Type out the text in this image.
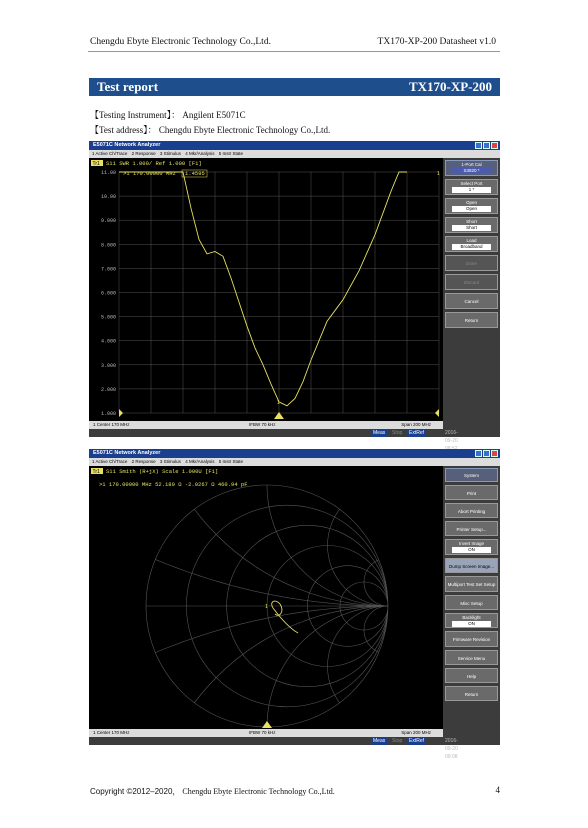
Chengdu Ebyte Electronic Technology Co.,Ltd.	TX170-XP-200 Datasheet v1.0
Test report	TX170-XP-200
【Testing Instrument】： Angilent E5071C
【Test address】： Chengdu Ebyte Electronic Technology Co.,Ltd.
E5071C Network Analyzer
1 Active Ch/Trace 2 Response 3 Stimulus 4 Mkr/Analysis 5 Instr State
11.00
10.00
9.000
8.000
7.000
6.000
5.000
4.000
3.000
2.000
1.000
Tr1 S11 SWR 1.000/ Ref 1.000 [F1]
>1 170.00000 MHz 1.4595
1
1
1-Port Cal
S3920 *
Select Port
1 *
Open
Open
Short
Short
Load
Broadband
Done
Discard
Cancel
Return
1 Center 170 MHz	IFBW 70 kHz	Span 200 MHz
Meas	Stop	ExtRef	2016-09-20
E5071C Network Analyzer
1 Active Ch/Trace 2 Response 3 Stimulus 4 Mkr/Analysis 5 Instr State
1
Tr1 S11 Smith (R+jX) Scale 1.000U [F1]
>1 170.00000 MHz 52.189 Ω -2.0267 Ω 460.94 pF
System
Print
Abort Printing
Printer Setup...
Invert Image
ON
Dump Screen Image...
Multiport Test Set Setup
Misc Setup
Backlight
ON
Firmware Revision
Service Menu
Help
Return
1 Center 170 MHz	IFBW 70 kHz	Span 200 MHz
Meas	Stop	ExtRef	2016-09-20 09:08
Copyright ©2012–2020， Chengdu Ebyte Electronic Technology Co.,Ltd.	4
